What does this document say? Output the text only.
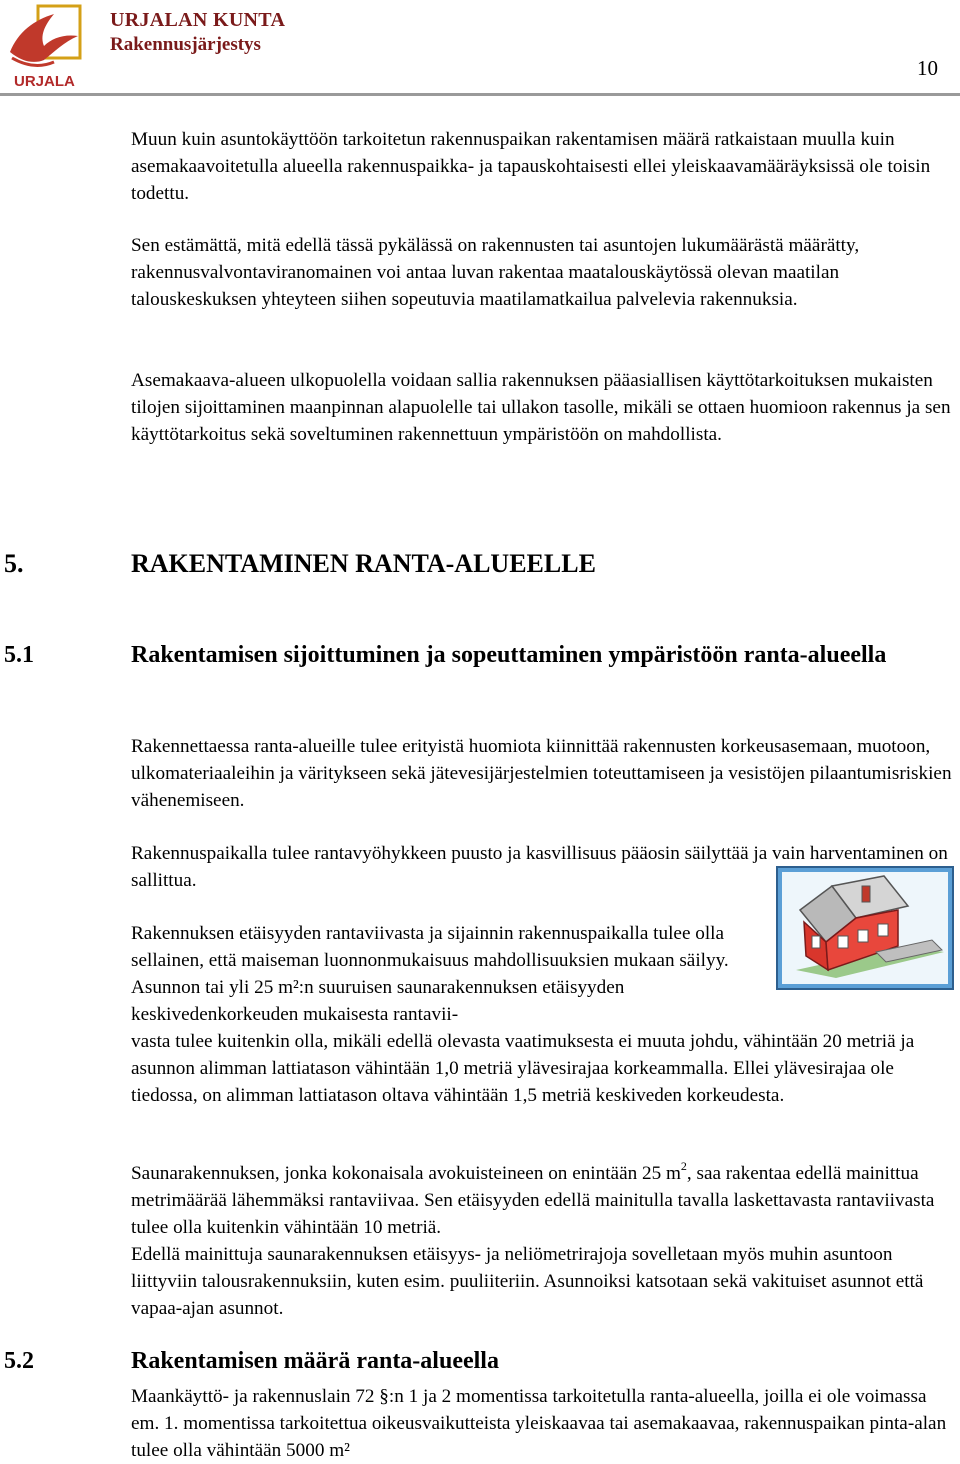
URJALA
URJALAN KUNTA
Rakennusjärjestys
10

Muun kuin asuntokäyttöön tarkoitetun rakennuspaikan rakentamisen määrä ratkaistaan muulla kuin asemakaavoitetulla alueella rakennuspaikka- ja tapauskohtaisesti ellei yleiskaavamääräyksissä ole toisin todettu.

Sen estämättä, mitä edellä tässä pykälässä on rakennusten tai asuntojen lukumäärästä määrätty, rakennusvalvontaviranomainen voi antaa luvan rakentaa maatalouskäytössä olevan maatilan talouskeskuksen yhteyteen siihen sopeutuvia maatilamatkailua palvelevia rakennuksia.

Asemakaava-alueen ulkopuolella voidaan sallia rakennuksen pääasiallisen käyttötarkoituksen mukaisten tilojen sijoittaminen maanpinnan alapuolelle tai ullakon tasolle, mikäli se ottaen huomioon rakennus ja sen käyttötarkoitus sekä soveltuminen rakennettuun ympäristöön on mahdollista.

5.	RAKENTAMINEN RANTA-ALUEELLE
5.1	Rakentamisen sijoittuminen ja sopeuttaminen ympäristöön ranta-alueella

Rakennettaessa ranta-alueille tulee erityistä huomiota kiinnittää rakennusten korkeusasemaan, muotoon, ulkomateriaaleihin ja väritykseen sekä jätevesijärjestelmien toteuttamiseen ja vesistöjen pilaantumisriskien vähenemiseen.

Rakennuspaikalla tulee rantavyöhykkeen puusto ja kasvillisuus pääosin säilyttää ja vain harventaminen on sallittua.

Rakennuksen etäisyyden rantaviivasta ja sijainnin rakennuspaikalla tulee olla sellainen, että maiseman luonnonmukaisuus mahdollisuuksien mukaan säilyy. Asunnon tai yli 25 m²:n suuruisen saunarakennuksen etäisyyden keskivedenkorkeuden mukaisesta rantavii-

vasta tulee kuitenkin olla, mikäli edellä olevasta vaatimuksesta ei muuta johdu, vähintään 20 metriä ja asunnon alimman lattiatason vähintään 1,0 metriä ylävesirajaa korkeammalla. Ellei ylävesirajaa ole tiedossa, on alimman lattiatason oltava vähintään 1,5 metriä keskiveden korkeudesta.

Saunarakennuksen, jonka kokonaisala avokuisteineen on enintään 25 $m^2$, saa rakentaa edellä mainittua metrimäärää lähemmäksi rantaviivaa. Sen etäisyyden edellä mainitulla tavalla laskettavasta rantaviivasta tulee olla kuitenkin vähintään 10 metriä.

Edellä mainittuja saunarakennuksen etäisyys- ja neliömetrirajoja sovelletaan myös muhin asuntoon liittyviin talousrakennuksiin, kuten esim. puuliiteriin. Asunnoiksi katsotaan sekä vakituiset asunnot että vapaa-ajan asunnot.

5.2	Rakentamisen määrä ranta-alueella

Maankäyttö- ja rakennuslain 72 §:n 1 ja 2 momentissa tarkoitetulla ranta-alueella, joilla ei ole voimassa em. 1. momentissa tarkoitettua oikeusvaikutteista yleiskaavaa tai asemakaavaa, rakennuspaikan pinta-alan tulee olla vähintään 5000 m²
